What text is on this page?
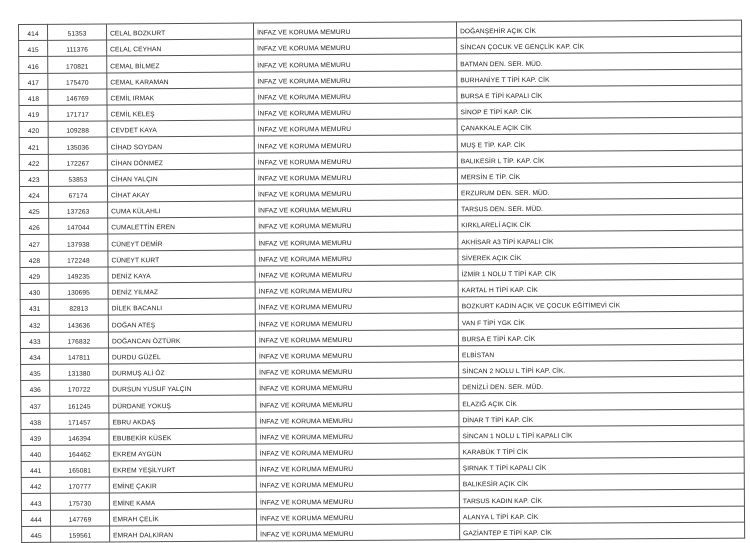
414	51353	CELAL BOZKURT	İNFAZ VE KORUMA MEMURU	DOĞANŞEHİR AÇIK CİK
415	111376	CELAL CEYHAN	İNFAZ VE KORUMA MEMURU	SİNCAN ÇOCUK VE GENÇLİK KAP. CİK
416	170821	CEMAL BİLMEZ	İNFAZ VE KORUMA MEMURU	BATMAN DEN. SER. MÜD.
417	175470	CEMAL KARAMAN	İNFAZ VE KORUMA MEMURU	BURHANİYE T TİPİ KAP. CİK
418	146769	CEMİL IRMAK	İNFAZ VE KORUMA MEMURU	BURSA E TİPİ KAPALI CİK
419	171717	CEMİL KELEŞ	İNFAZ VE KORUMA MEMURU	SİNOP E TİPİ KAP. CİK
420	109288	CEVDET KAYA	İNFAZ VE KORUMA MEMURU	ÇANAKKALE AÇIK CİK
421	135036	CİHAD SOYDAN	İNFAZ VE KORUMA MEMURU	MUŞ E TİP. KAP. CİK
422	172267	CİHAN DÖNMEZ	İNFAZ VE KORUMA MEMURU	BALIKESİR L TİP. KAP. CİK
423	53853	CİHAN YALÇIN	İNFAZ VE KORUMA MEMURU	MERSİN E TİP. CİK
424	67174	CİHAT AKAY	İNFAZ VE KORUMA MEMURU	ERZURUM DEN. SER. MÜD.
425	137263	CUMA KÜLAHLI	İNFAZ VE KORUMA MEMURU	TARSUS DEN. SER. MÜD.
426	147044	CUMALETTİN EREN	İNFAZ VE KORUMA MEMURU	KIRKLARELİ AÇIK CİK
427	137938	CÜNEYT DEMİR	İNFAZ VE KORUMA MEMURU	AKHİSAR A3 TİPİ KAPALI CİK
428	172248	CÜNEYT KURT	İNFAZ VE KORUMA MEMURU	SİVEREK AÇIK CİK
429	149235	DENİZ KAYA	İNFAZ VE KORUMA MEMURU	İZMİR 1 NOLU T TİPİ KAP. CİK
430	130695	DENİZ YILMAZ	İNFAZ VE KORUMA MEMURU	KARTAL H TİPİ KAP. CİK
431	82813	DİLEK BACANLI	İNFAZ VE KORUMA MEMURU	BOZKURT KADIN AÇIK VE ÇOCUK EĞİTİMEVİ CİK
432	143636	DOĞAN ATEŞ	İNFAZ VE KORUMA MEMURU	VAN F TİPİ YGK CİK
433	176832	DOĞANCAN ÖZTÜRK	İNFAZ VE KORUMA MEMURU	BURSA E TİPİ KAP. CİK
434	147811	DURDU GÜZEL	İNFAZ VE KORUMA MEMURU	ELBİSTAN
435	131380	DURMUŞ ALİ ÖZ	İNFAZ VE KORUMA MEMURU	SİNCAN 2 NOLU L TİPİ KAP. CİK.
436	170722	DURSUN YUSUF YALÇIN	İNFAZ VE KORUMA MEMURU	DENİZLİ DEN. SER. MÜD.
437	161245	DÜRDANE YOKUŞ	İNFAZ VE KORUMA MEMURU	ELAZIĞ AÇIK CİK
438	171457	EBRU AKDAŞ	İNFAZ VE KORUMA MEMURU	DİNAR T TİPİ KAP. CİK
439	146394	EBUBEKİR KÜSEK	İNFAZ VE KORUMA MEMURU	SİNCAN 1 NOLU L TİPİ KAPALI CİK
440	164462	EKREM AYGÜN	İNFAZ VE KORUMA MEMURU	KARABÜK T TİPİ CİK
441	165081	EKREM YEŞİLYURT	İNFAZ VE KORUMA MEMURU	ŞIRNAK T TİPİ KAPALI CİK
442	170777	EMİNE ÇAKIR	İNFAZ VE KORUMA MEMURU	BALIKESİR AÇIK CİK
443	175730	EMİNE KAMA	İNFAZ VE KORUMA MEMURU	TARSUS KADIN KAP. CİK
444	147769	EMRAH ÇELİK	İNFAZ VE KORUMA MEMURU	ALANYA L TİPİ KAP. CİK
445	159561	EMRAH DALKIRAN	İNFAZ VE KORUMA MEMURU	GAZİANTEP E TİPİ KAP. CİK
